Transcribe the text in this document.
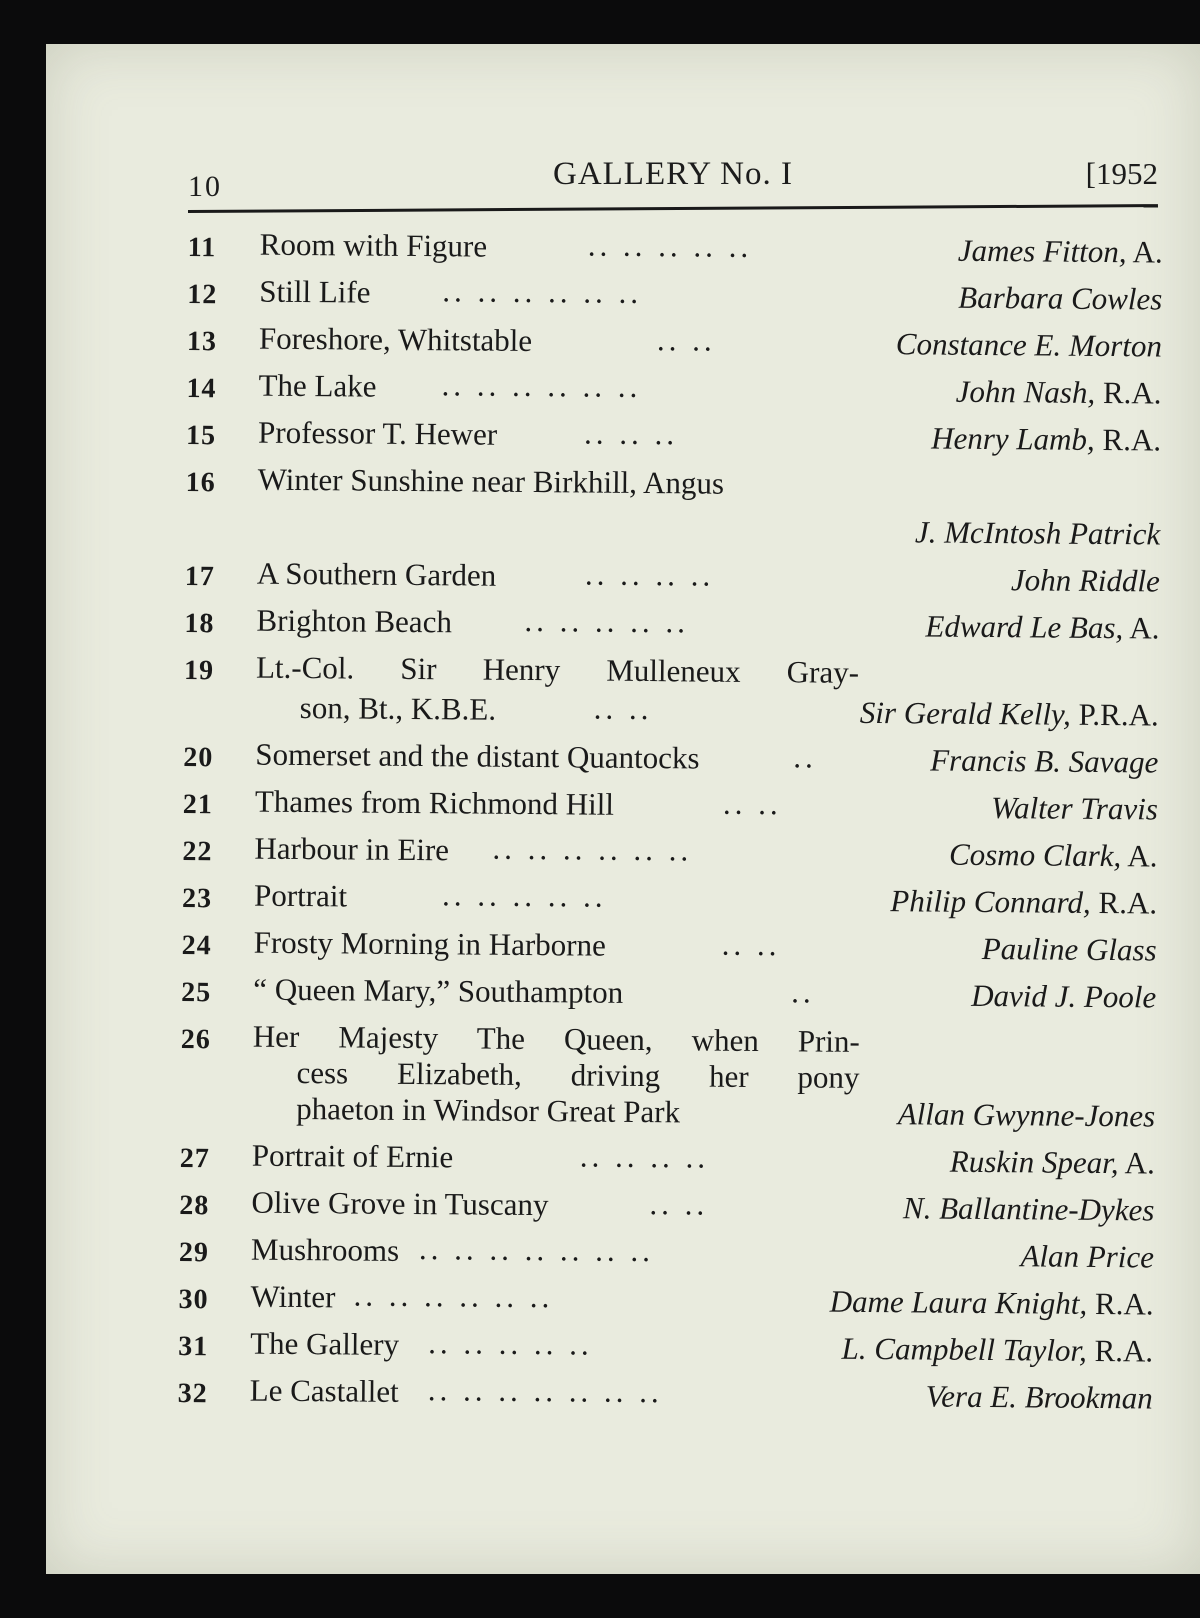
10	GALLERY No. I	[1952
11	Room with Figure	.. .. .. .. ..	James Fitton, A.
12	Still Life .. .. .. .. .. ..	Barbara Cowles
13	Foreshore, Whitstable	.. ..	Constance E. Morton
14	The Lake .. .. .. .. .. ..	John Nash, R.A.
15	Professor T. Hewer	.. .. ..	Henry Lamb, R.A.
16	Winter Sunshine near Birkhill, Angus
J. McIntosh Patrick
17	A Southern Garden	.. .. .. ..	John Riddle
18	Brighton Beach .. .. .. .. ..	Edward Le Bas, A.
19	Lt.-Col. Sir Henry Mulleneux Gray-
son, Bt., K.B.E.	.. ..	Sir Gerald Kelly, P.R.A.
20	Somerset and the distant Quantocks	..	Francis B. Savage
21	Thames from Richmond Hill	.. ..	Walter Travis
22	Harbour in Eire .. .. .. .. .. ..	Cosmo Clark, A.
23	Portrait	.. .. .. .. ..	Philip Connard, R.A.
24	Frosty Morning in Harborne	.. ..	Pauline Glass
25	“ Queen Mary,” Southampton	..	David J. Poole
26	Her Majesty The Queen, when Prin-
cess Elizabeth, driving her pony
phaeton in Windsor Great Park	Allan Gwynne-Jones
27	Portrait of Ernie	.. .. .. ..	Ruskin Spear, A.
28	Olive Grove in Tuscany	.. ..	N. Ballantine-Dykes
29	Mushrooms .. .. .. .. .. .. ..	Alan Price
30	Winter .. .. .. .. .. ..	Dame Laura Knight, R.A.
31	The Gallery .. .. .. .. ..	L. Campbell Taylor, R.A.
32	Le Castallet .. .. .. .. .. .. ..	Vera E. Brookman
